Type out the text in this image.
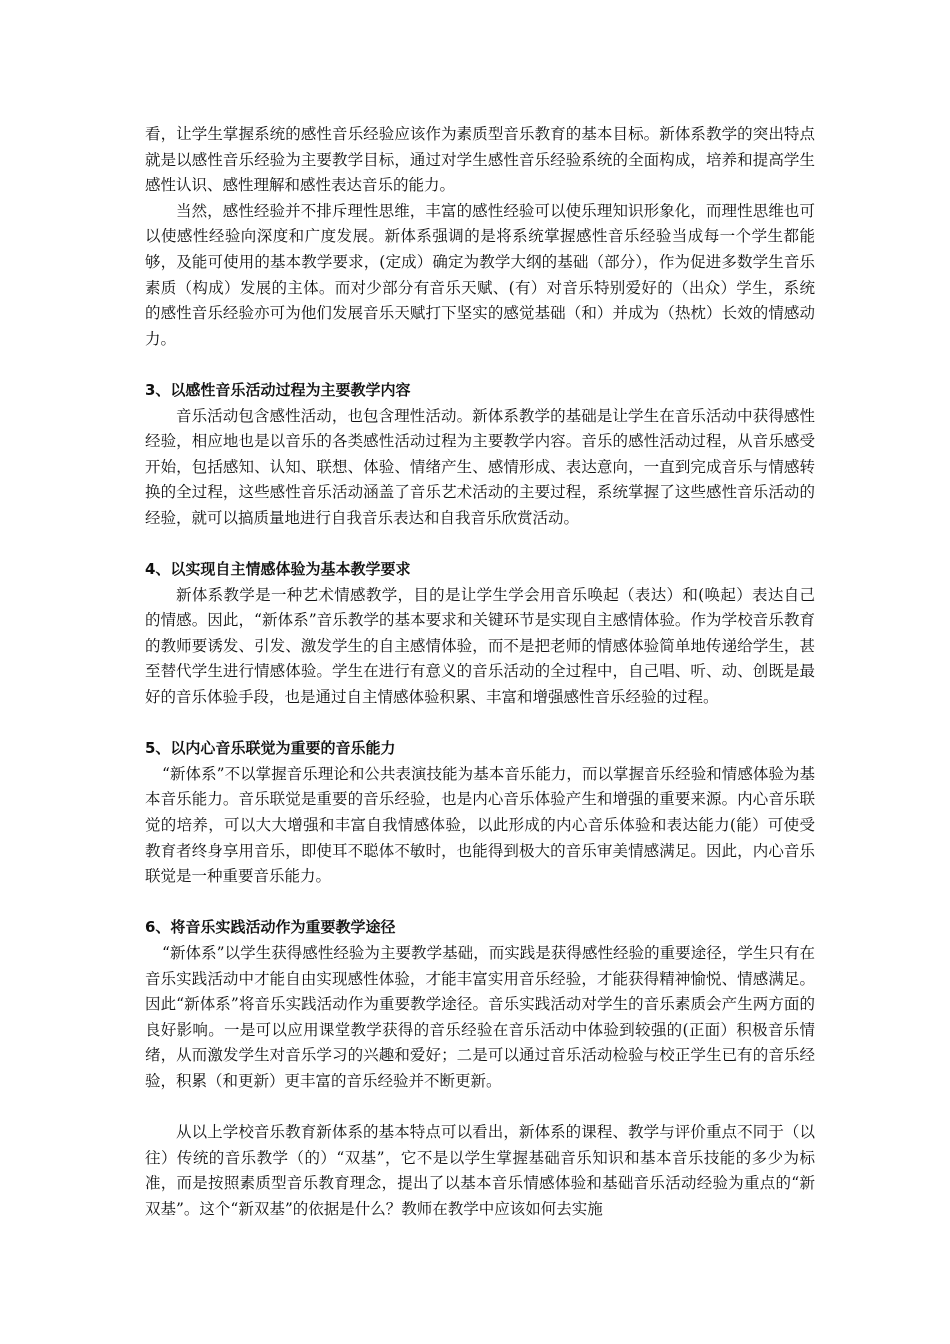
看，让学生掌握系统的感性音乐经验应该作为素质型音乐教育的基本目标。新体系教学的突出特点就是以感性音乐经验为主要教学目标，通过对学生感性音乐经验系统的全面构成，培养和提高学生感性认识、感性理解和感性表达音乐的能力。

当然，感性经验并不排斥理性思维，丰富的感性经验可以使乐理知识形象化，而理性思维也可以使感性经验向深度和广度发展。新体系强调的是将系统掌握感性音乐经验当成每一个学生都能够，及能可使用的基本教学要求，(定成）确定为教学大纲的基础（部分），作为促进多数学生音乐素质（构成）发展的主体。而对少部分有音乐天赋、(有）对音乐特别爱好的（出众）学生，系统的感性音乐经验亦可为他们发展音乐天赋打下坚实的感觉基础（和）并成为（热枕）长效的情感动力。

3、以感性音乐活动过程为主要教学内容

音乐活动包含感性活动，也包含理性活动。新体系教学的基础是让学生在音乐活动中获得感性经验，相应地也是以音乐的各类感性活动过程为主要教学内容。音乐的感性活动过程，从音乐感受开始，包括感知、认知、联想、体验、情绪产生、感情形成、表达意向，一直到完成音乐与情感转换的全过程，这些感性音乐活动涵盖了音乐艺术活动的主要过程，系统掌握了这些感性音乐活动的经验，就可以搞质量地进行自我音乐表达和自我音乐欣赏活动。

4、以实现自主情感体验为基本教学要求

新体系教学是一种艺术情感教学，目的是让学生学会用音乐唤起（表达）和(唤起）表达自己的情感。因此，“新体系”音乐教学的基本要求和关键环节是实现自主感情体验。作为学校音乐教育的教师要诱发、引发、激发学生的自主感情体验，而不是把老师的情感体验简单地传递给学生，甚至替代学生进行情感体验。学生在进行有意义的音乐活动的全过程中，自己唱、听、动、创既是最好的音乐体验手段，也是通过自主情感体验积累、丰富和增强感性音乐经验的过程。

5、以内心音乐联觉为重要的音乐能力

“新体系”不以掌握音乐理论和公共表演技能为基本音乐能力，而以掌握音乐经验和情感体验为基本音乐能力。音乐联觉是重要的音乐经验，也是内心音乐体验产生和增强的重要来源。内心音乐联觉的培养，可以大大增强和丰富自我情感体验，以此形成的内心音乐体验和表达能力(能）可使受教育者终身享用音乐，即使耳不聪体不敏时，也能得到极大的音乐审美情感满足。因此，内心音乐联觉是一种重要音乐能力。

6、将音乐实践活动作为重要教学途径

“新体系”以学生获得感性经验为主要教学基础，而实践是获得感性经验的重要途径，学生只有在音乐实践活动中才能自由实现感性体验，才能丰富实用音乐经验，才能获得精神愉悦、情感满足。因此“新体系”将音乐实践活动作为重要教学途径。音乐实践活动对学生的音乐素质会产生两方面的良好影响。一是可以应用课堂教学获得的音乐经验在音乐活动中体验到较强的(正面）积极音乐情绪，从而激发学生对音乐学习的兴趣和爱好；二是可以通过音乐活动检验与校正学生已有的音乐经验，积累（和更新）更丰富的音乐经验并不断更新。

从以上学校音乐教育新体系的基本特点可以看出，新体系的课程、教学与评价重点不同于（以往）传统的音乐教学（的）“双基”，它不是以学生掌握基础音乐知识和基本音乐技能的多少为标准，而是按照素质型音乐教育理念，提出了以基本音乐情感体验和基础音乐活动经验为重点的“新双基”。这个“新双基”的依据是什么？教师在教学中应该如何去实施
